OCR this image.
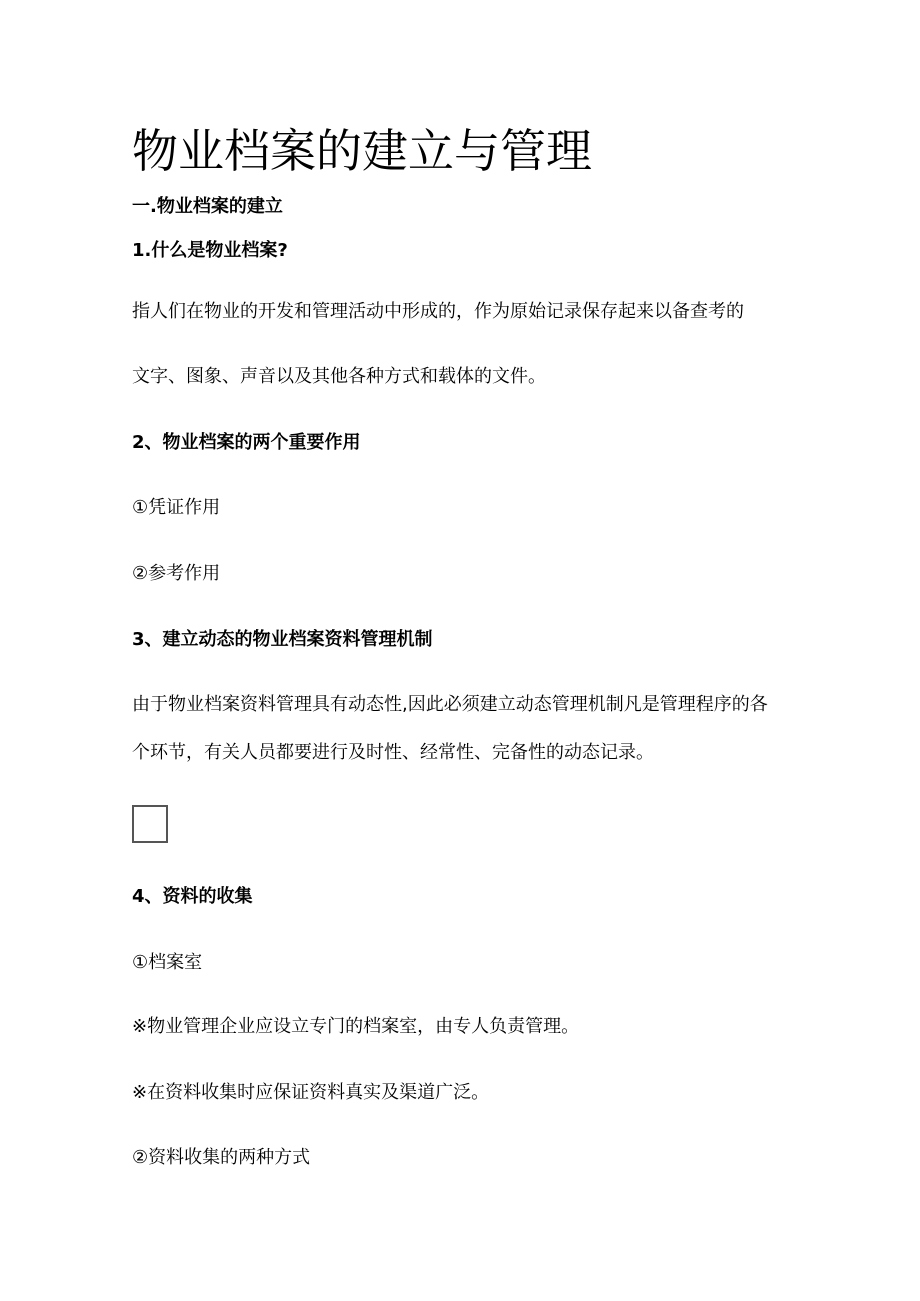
物业档案的建立与管理
一.物业档案的建立
1.什么是物业档案?
指人们在物业的开发和管理活动中形成的，作为原始记录保存起来以备查考的
文字、图象、声音以及其他各种方式和载体的文件。
2、物业档案的两个重要作用
①凭证作用
②参考作用
3、建立动态的物业档案资料管理机制
由于物业档案资料管理具有动态性,因此必须建立动态管理机制凡是管理程序的各
个环节，有关人员都要进行及时性、经常性、完备性的动态记录。
4、资料的收集
①档案室
※物业管理企业应设立专门的档案室，由专人负责管理。
※在资料收集时应保证资料真实及渠道广泛。
②资料收集的两种方式
